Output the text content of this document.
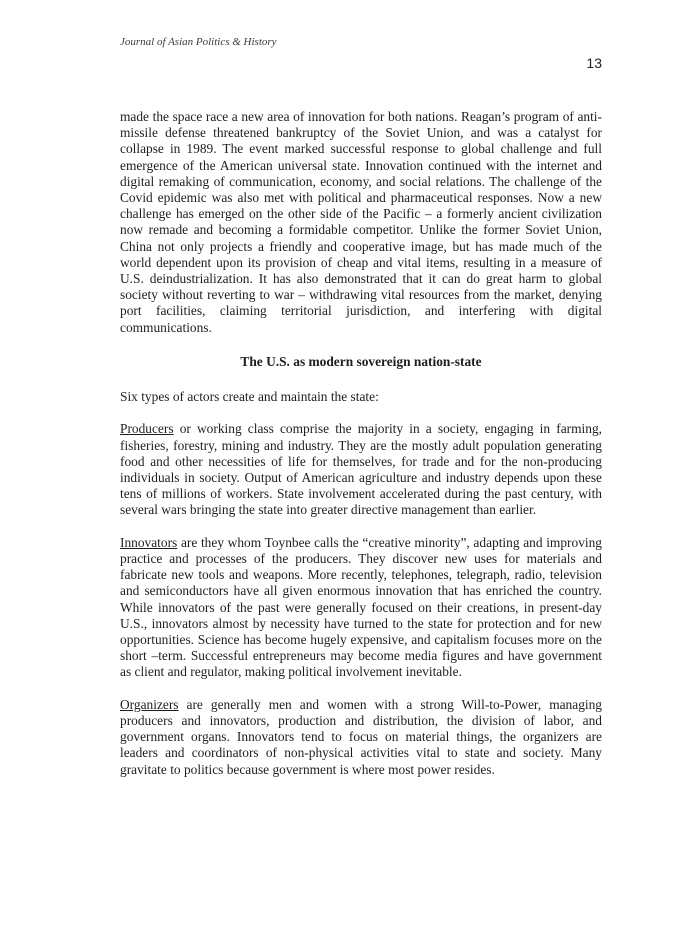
Journal of Asian Politics & History

13

made the space race a new area of innovation for both nations. Reagan’s program of anti-missile defense threatened bankruptcy of the Soviet Union, and was a catalyst for collapse in 1989. The event marked successful response to global challenge and full emergence of the American universal state. Innovation continued with the internet and digital remaking of communication, economy, and social relations. The challenge of the Covid epidemic was also met with political and pharmaceutical responses. Now a new challenge has emerged on the other side of the Pacific – a formerly ancient civilization now remade and becoming a formidable competitor. Unlike the former Soviet Union, China not only projects a friendly and cooperative image, but has made much of the world dependent upon its provision of cheap and vital items, resulting in a measure of U.S. deindustrialization. It has also demonstrated that it can do great harm to global society without reverting to war – withdrawing vital resources from the market, denying port facilities, claiming territorial jurisdiction, and interfering with digital communications.

The U.S. as modern sovereign nation-state

Six types of actors create and maintain the state:

Producers or working class comprise the majority in a society, engaging in farming, fisheries, forestry, mining and industry. They are the mostly adult population generating food and other necessities of life for themselves, for trade and for the non-producing individuals in society. Output of American agriculture and industry depends upon these tens of millions of workers. State involvement accelerated during the past century, with several wars bringing the state into greater directive management than earlier.

Innovators are they whom Toynbee calls the “creative minority”, adapting and improving practice and processes of the producers. They discover new uses for materials and fabricate new tools and weapons. More recently, telephones, telegraph, radio, television and semiconductors have all given enormous innovation that has enriched the country. While innovators of the past were generally focused on their creations, in present-day U.S., innovators almost by necessity have turned to the state for protection and for new opportunities. Science has become hugely expensive, and capitalism focuses more on the short –term. Successful entrepreneurs may become media figures and have government as client and regulator, making political involvement inevitable.

Organizers are generally men and women with a strong Will-to-Power, managing producers and innovators, production and distribution, the division of labor, and government organs. Innovators tend to focus on material things, the organizers are leaders and coordinators of non-physical activities vital to state and society. Many gravitate to politics because government is where most power resides.
